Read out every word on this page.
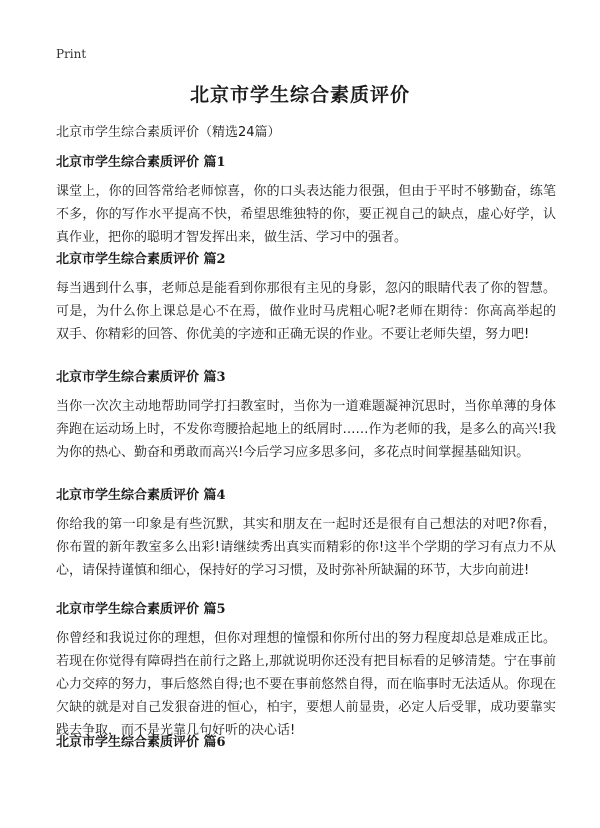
Print
北京市学生综合素质评价

北京市学生综合素质评价（精选24篇）

北京市学生综合素质评价 篇1

课堂上，你的回答常给老师惊喜，你的口头表达能力很强，但由于平时不够勤奋，练笔不多，你的写作水平提高不快，希望思维独特的你，要正视自己的缺点，虚心好学，认真作业，把你的聪明才智发挥出来，做生活、学习中的强者。

北京市学生综合素质评价 篇2

每当遇到什么事，老师总是能看到你那很有主见的身影，忽闪的眼睛代表了你的智慧。可是，为什么你上课总是心不在焉，做作业时马虎粗心呢?老师在期待：你高高举起的双手、你精彩的回答、你优美的字迹和正确无误的作业。不要让老师失望，努力吧!

北京市学生综合素质评价 篇3

当你一次次主动地帮助同学打扫教室时，当你为一道难题凝神沉思时，当你单薄的身体奔跑在运动场上时，不发你弯腰拾起地上的纸屑时……作为老师的我，是多么的高兴!我为你的热心、勤奋和勇敢而高兴!今后学习应多思多问，多花点时间掌握基础知识。

北京市学生综合素质评价 篇4

你给我的第一印象是有些沉默，其实和朋友在一起时还是很有自己想法的对吧?你看，你布置的新年教室多么出彩!请继续秀出真实而精彩的你!这半个学期的学习有点力不从心，请保持谨慎和细心，保持好的学习习惯，及时弥补所缺漏的环节，大步向前进!

北京市学生综合素质评价 篇5

你曾经和我说过你的理想，但你对理想的憧憬和你所付出的努力程度却总是难成正比。若现在你觉得有障碍挡在前行之路上,那就说明你还没有把目标看的足够清楚。宁在事前心力交瘁的努力，事后悠然自得;也不要在事前悠然自得，而在临事时无法适从。你现在欠缺的就是对自己发狠奋进的恒心，柏宇，要想人前显贵，必定人后受罪，成功要靠实践去争取，而不是光靠几句好听的决心话!

北京市学生综合素质评价 篇6
